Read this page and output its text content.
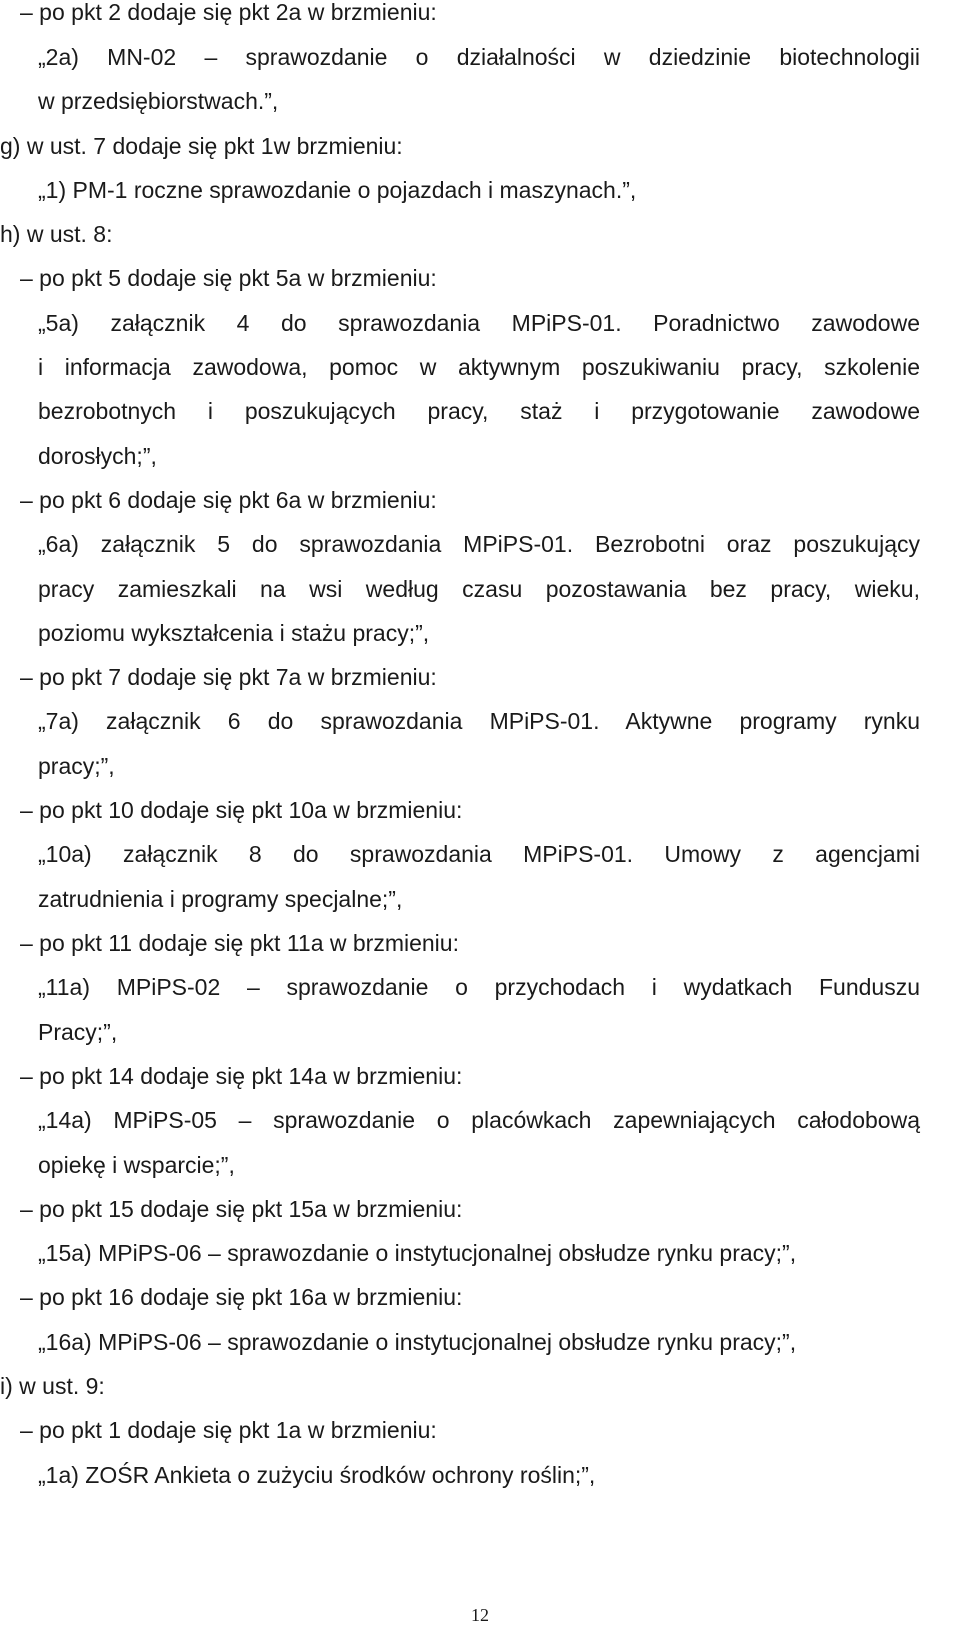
– po pkt 2 dodaje się pkt 2a w brzmieniu:
„2a) MN-02 – sprawozdanie o działalności w dziedzinie biotechnologii
w przedsiębiorstwach.”,
g) w ust. 7 dodaje się pkt 1w brzmieniu:
„1) PM-1 roczne sprawozdanie o pojazdach i maszynach.”,
h) w ust. 8:
– po pkt 5 dodaje się pkt 5a w brzmieniu:
„5a) załącznik 4 do sprawozdania MPiPS-01. Poradnictwo zawodowe
i informacja zawodowa, pomoc w aktywnym poszukiwaniu pracy, szkolenie
bezrobotnych i poszukujących pracy, staż i przygotowanie zawodowe
dorosłych;”,
– po pkt 6 dodaje się pkt 6a w brzmieniu:
„6a) załącznik 5 do sprawozdania MPiPS-01. Bezrobotni oraz poszukujący
pracy zamieszkali na wsi według czasu pozostawania bez pracy, wieku,
poziomu wykształcenia i stażu pracy;”,
– po pkt 7 dodaje się pkt 7a w brzmieniu:
„7a) załącznik 6 do sprawozdania MPiPS-01. Aktywne programy rynku
pracy;”,
– po pkt 10 dodaje się pkt 10a w brzmieniu:
„10a) załącznik 8 do sprawozdania MPiPS-01. Umowy z agencjami
zatrudnienia i programy specjalne;”,
– po pkt 11 dodaje się pkt 11a w brzmieniu:
„11a) MPiPS-02 – sprawozdanie o przychodach i wydatkach Funduszu
Pracy;”,
– po pkt 14 dodaje się pkt 14a w brzmieniu:
„14a) MPiPS-05 – sprawozdanie o placówkach zapewniających całodobową
opiekę i wsparcie;”,
– po pkt 15 dodaje się pkt 15a w brzmieniu:
„15a) MPiPS-06 – sprawozdanie o instytucjonalnej obsłudze rynku pracy;”,
– po pkt 16 dodaje się pkt 16a w brzmieniu:
„16a) MPiPS-06 – sprawozdanie o instytucjonalnej obsłudze rynku pracy;”,
i) w ust. 9:
– po pkt 1 dodaje się pkt 1a w brzmieniu:
„1a) ZOŚR Ankieta o zużyciu środków ochrony roślin;”,
12
